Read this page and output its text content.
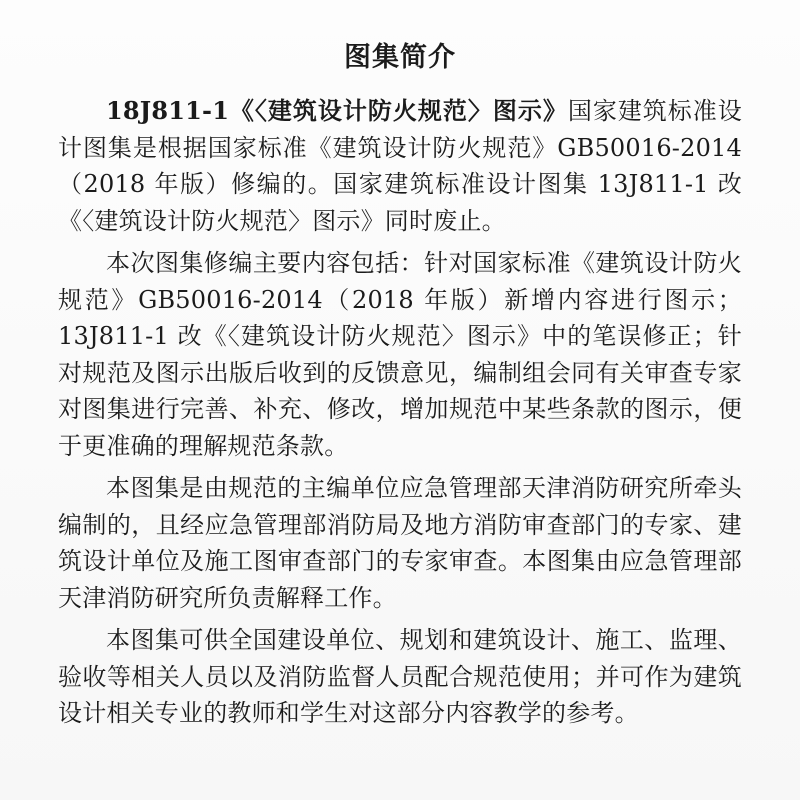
图集简介

18J811-1《〈建筑设计防火规范〉图示》国家建筑标准设计图集是根据国家标准《建筑设计防火规范》GB50016-2014（2018 年版）修编的。国家建筑标准设计图集 13J811-1 改《〈建筑设计防火规范〉图示》同时废止。

本次图集修编主要内容包括：针对国家标准《建筑设计防火规范》GB50016-2014（2018 年版）新增内容进行图示；13J811-1 改《〈建筑设计防火规范〉图示》中的笔误修正；针对规范及图示出版后收到的反馈意见，编制组会同有关审查专家对图集进行完善、补充、修改，增加规范中某些条款的图示，便于更准确的理解规范条款。

本图集是由规范的主编单位应急管理部天津消防研究所牵头编制的，且经应急管理部消防局及地方消防审查部门的专家、建筑设计单位及施工图审查部门的专家审查。本图集由应急管理部天津消防研究所负责解释工作。

本图集可供全国建设单位、规划和建筑设计、施工、监理、验收等相关人员以及消防监督人员配合规范使用；并可作为建筑设计相关专业的教师和学生对这部分内容教学的参考。
